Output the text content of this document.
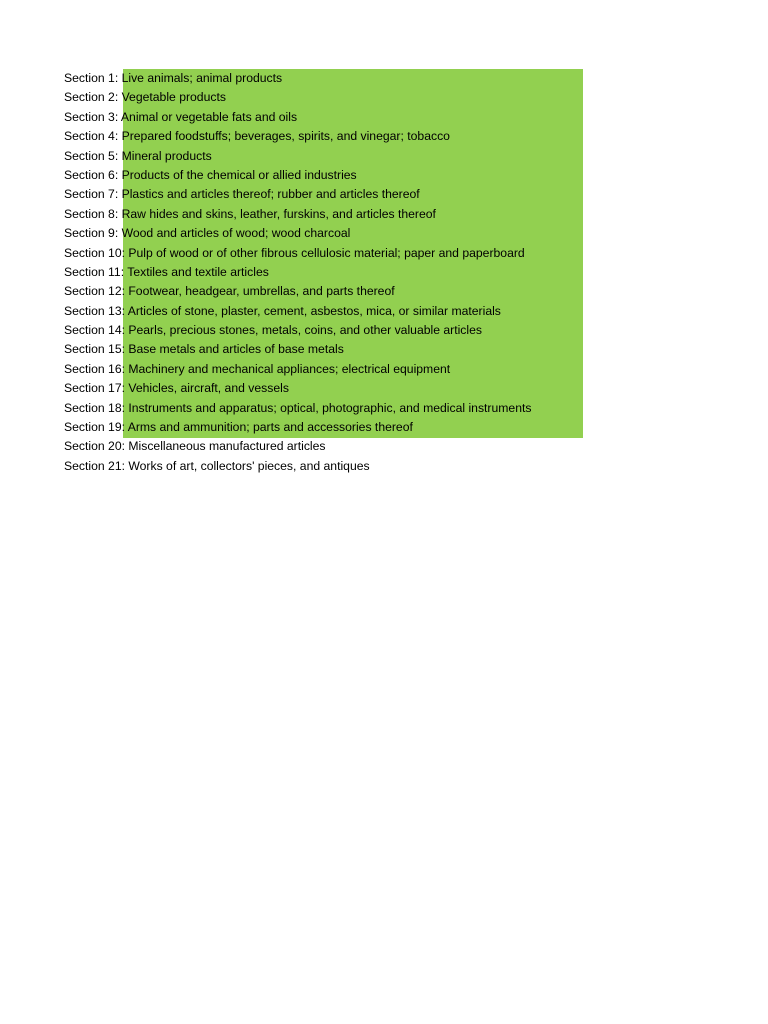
Section 1: Live animals; animal products
Section 2: Vegetable products
Section 3: Animal or vegetable fats and oils
Section 4: Prepared foodstuffs; beverages, spirits, and vinegar; tobacco
Section 5: Mineral products
Section 6: Products of the chemical or allied industries
Section 7: Plastics and articles thereof; rubber and articles thereof
Section 8: Raw hides and skins, leather, furskins, and articles thereof
Section 9: Wood and articles of wood; wood charcoal
Section 10: Pulp of wood or of other fibrous cellulosic material; paper and paperboard
Section 11: Textiles and textile articles
Section 12: Footwear, headgear, umbrellas, and parts thereof
Section 13: Articles of stone, plaster, cement, asbestos, mica, or similar materials
Section 14: Pearls, precious stones, metals, coins, and other valuable articles
Section 15: Base metals and articles of base metals
Section 16: Machinery and mechanical appliances; electrical equipment
Section 17: Vehicles, aircraft, and vessels
Section 18: Instruments and apparatus; optical, photographic, and medical instruments
Section 19: Arms and ammunition; parts and accessories thereof
Section 20: Miscellaneous manufactured articles
Section 21: Works of art, collectors' pieces, and antiques
